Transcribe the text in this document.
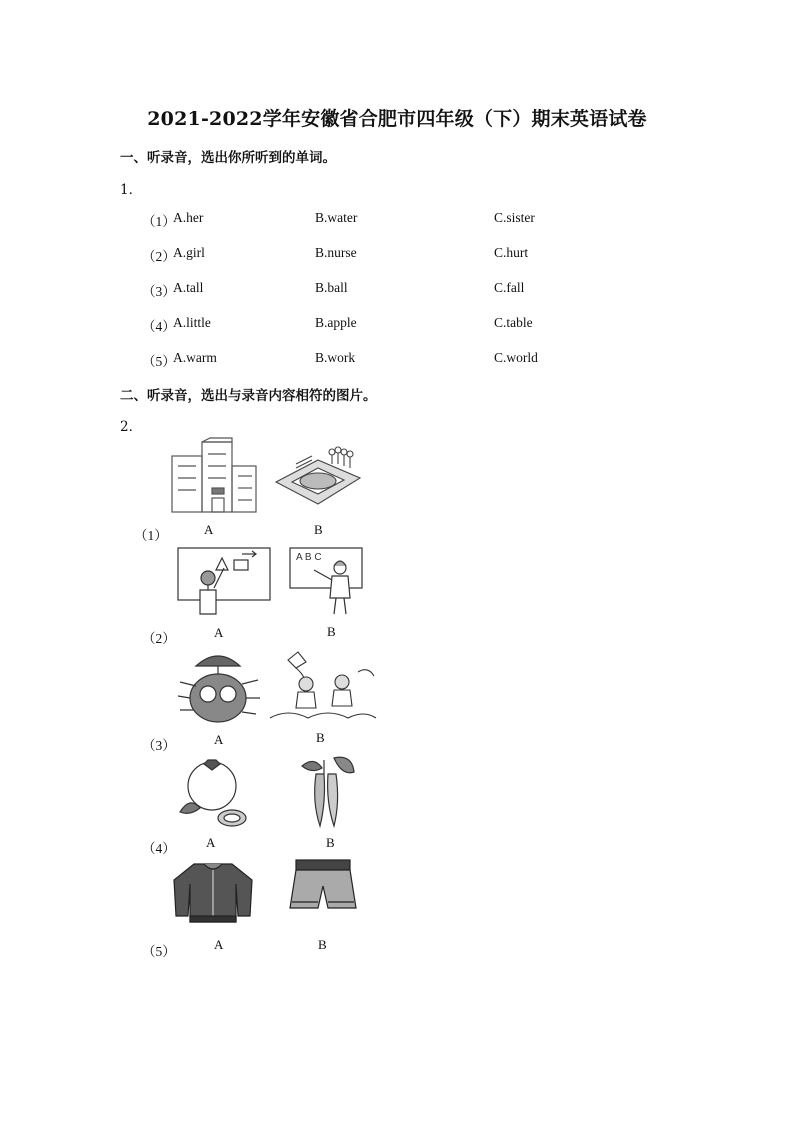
2021-2022学年安徽省合肥市四年级（下）期末英语试卷
一、听录音，选出你所听到的单词。
1．
（1）
A.her	B.water	C.sister
（2）
A.girl	B.nurse	C.hurt
（3）
A.tall	B.ball	C.fall
（4）
A.little	B.apple	C.table
（5）
A.warm	B.work	C.world
二、听录音，选出与录音内容相符的图片。
2．
A	B
（1）
A B C
A	B
（2）
A	B
（3）
A	B
（4）
A	B
（5）
